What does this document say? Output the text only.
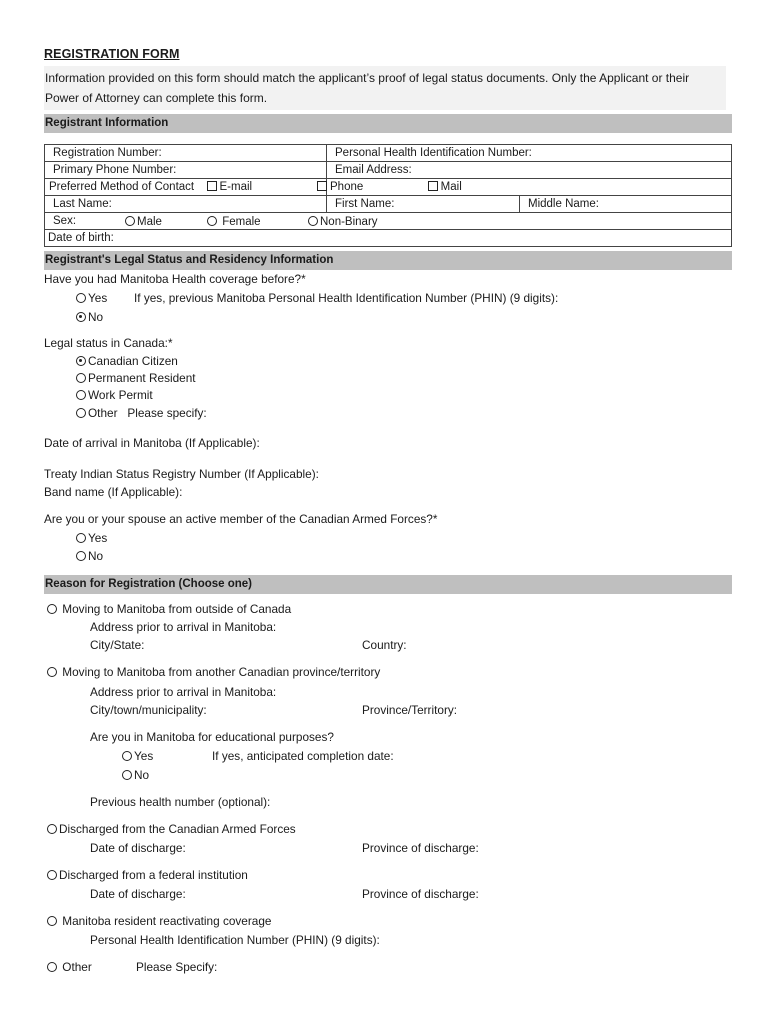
REGISTRATION FORM
Information provided on this form should match the applicant’s proof of legal status documents. Only the Applicant or their Power of Attorney can complete this form.
Registrant Information
Registration Number:	Personal Health Identification Number:	
Primary Phone Number:	Email Address:	
Preferred Method of Contact E-mail	Phone Mail	
Last Name:	First Name:	Middle Name:
Sex: Male Female Non-Binary		

Date of birth:		
Registrant's Legal Status and Residency Information
Have you had Manitoba Health coverage before?*
Yes If yes, previous Manitoba Personal Health Identification Number (PHIN) (9 digits):
No
Legal status in Canada:*
Canadian Citizen
Permanent Resident
Work Permit
Other Please specify:
Date of arrival in Manitoba (If Applicable):
Treaty Indian Status Registry Number (If Applicable):
Band name (If Applicable):
Are you or your spouse an active member of the Canadian Armed Forces?*
Yes
No
Reason for Registration (Choose one)
Moving to Manitoba from outside of Canada
Address prior to arrival in Manitoba:
City/State:	Country:
Moving to Manitoba from another Canadian province/territory
Address prior to arrival in Manitoba:
City/town/municipality:	Province/Territory:
Are you in Manitoba for educational purposes?
Yes	If yes, anticipated completion date:
No
Previous health number (optional):
Discharged from the Canadian Armed Forces
Date of discharge:	Province of discharge:
Discharged from a federal institution
Date of discharge:	Province of discharge:
Manitoba resident reactivating coverage
Personal Health Identification Number (PHIN) (9 digits):
Other	Please Specify:
